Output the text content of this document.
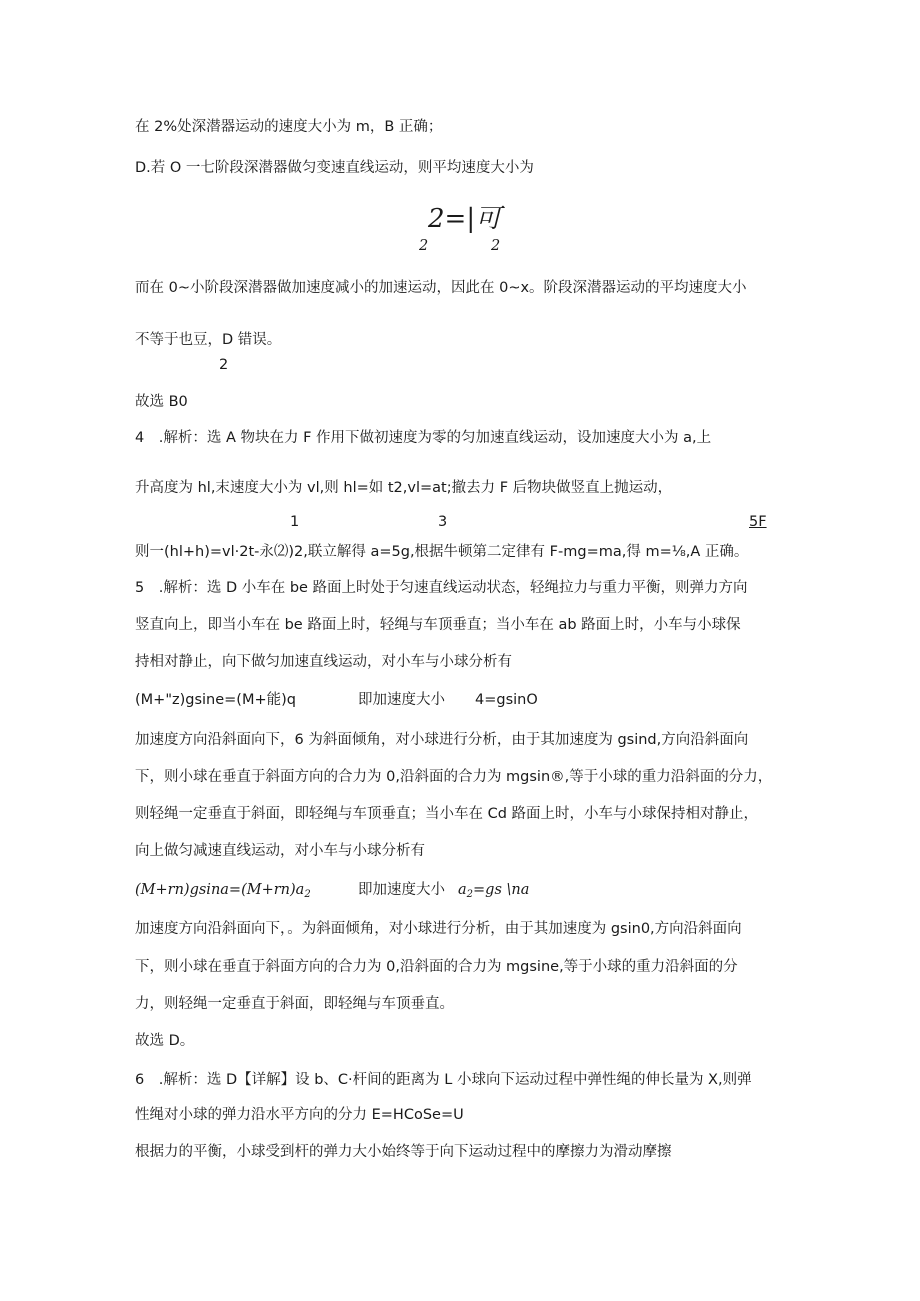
在 2%处深潜器运动的速度大小为 m，B 正确；
D.若 O 一七阶段深潜器做匀变速直线运动，则平均速度大小为
2=|可
2	2
而在 0~小阶段深潜器做加速度减小的加速运动，因此在 0~x。阶段深潜器运动的平均速度大小
不等于也豆，D 错误。
2
故选 B0
4　.解析：选 A 物块在力 F 作用下做初速度为零的匀加速直线运动，设加速度大小为 a,上
升高度为 hl,末速度大小为 vl,则 hl=如 t2,vl=at;撤去力 F 后物块做竖直上抛运动，
1	3	5F
则一(hl+h)=vl·2t-永⑵)2,联立解得 a=5g,根据牛顿第二定律有 F-mg=ma,得 m=⅛,A 正确。
5　.解析：选 D 小车在 be 路面上时处于匀速直线运动状态，轻绳拉力与重力平衡，则弹力方向
竖直向上，即当小车在 be 路面上时，轻绳与车顶垂直；当小车在 ab 路面上时，小车与小球保
持相对静止，向下做匀加速直线运动，对小车与小球分析有
(M+"z)gsine=(M+能)q	即加速度大小 4=gsinO
加速度方向沿斜面向下，6 为斜面倾角，对小球进行分析，由于其加速度为 gsind,方向沿斜面向
下，则小球在垂直于斜面方向的合力为 0,沿斜面的合力为 mgsin®,等于小球的重力沿斜面的分力，
则轻绳一定垂直于斜面，即轻绳与车顶垂直；当小车在 Cd 路面上时，小车与小球保持相对静止，
向上做匀减速直线运动，对小车与小球分析有
$(M+rn)gsina=(M+rn)a_2$	即加速度大小 $a_2=gs$ \na
加速度方向沿斜面向下，。为斜面倾角，对小球进行分析，由于其加速度为 gsin0,方向沿斜面向
下，则小球在垂直于斜面方向的合力为 0,沿斜面的合力为 mgsine,等于小球的重力沿斜面的分
力，则轻绳一定垂直于斜面，即轻绳与车顶垂直。
故选 D。
6　.解析：选 D【详解】设 b、C·杆间的距离为 L 小球向下运动过程中弹性绳的伸长量为 X,则弹
性绳对小球的弹力沿水平方向的分力 E=HCoSe=U
根据力的平衡，小球受到杆的弹力大小始终等于向下运动过程中的摩擦力为滑动摩擦
